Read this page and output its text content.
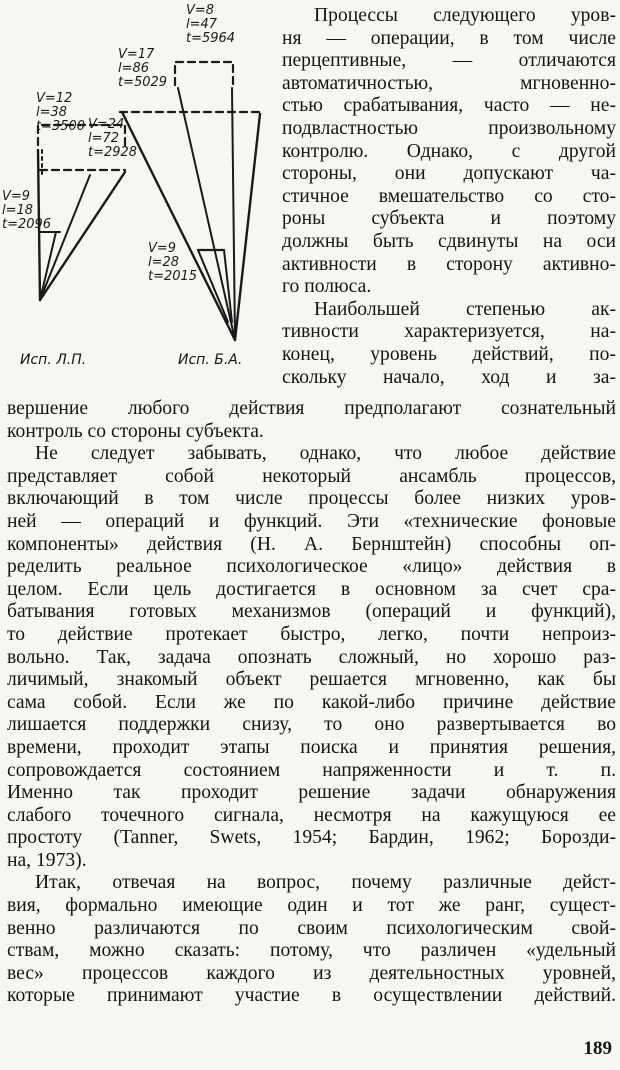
V=12
l=38
t=3500 V=24
l=72
t=2928
V=9
l=18
t=2096
V=8
l=47
t=5964
V=17
l=86
t=5029
V=9
l=28
t=2015
Исп. Л.П.	Исп. Б.А.
Процессы следующего уров-
ня — операции, в том числе
перцептивные, — отличаются
автоматичностью, мгновенно-
стью срабатывания, часто — не-
подвластностью произвольному
контролю. Однако, с другой
стороны, они допускают ча-
стичное вмешательство со сто-
роны субъекта и поэтому
должны быть сдвинуты на оси
активности в сторону активно-
го полюса.
Наибольшей степенью ак-
тивности характеризуется, на-
конец, уровень действий, по-
скольку начало, ход и за-
вершение любого действия предполагают сознательный
контроль со стороны субъекта.
Не следует забывать, однако, что любое действие
представляет собой некоторый ансамбль процессов,
включающий в том числе процессы более низких уров-
ней — операций и функций. Эти «технические фоновые
компоненты» действия (Н. А. Бернштейн) способны оп-
ределить реальное психологическое «лицо» действия в
целом. Если цель достигается в основном за счет сра-
батывания готовых механизмов (операций и функций),
то действие протекает быстро, легко, почти непроиз-
вольно. Так, задача опознать сложный, но хорошо раз-
личимый, знакомый объект решается мгновенно, как бы
сама собой. Если же по какой-либо причине действие
лишается поддержки снизу, то оно развертывается во
времени, проходит этапы поиска и принятия решения,
сопровождается состоянием напряженности и т. п.
Именно так проходит решение задачи обнаружения
слабого точечного сигнала, несмотря на кажущуюся ее
простоту (Tanner, Swets, 1954; Бардин, 1962; Борозди-
на, 1973).
Итак, отвечая на вопрос, почему различные дейст-
вия, формально имеющие один и тот же ранг, сущест-
венно различаются по своим психологическим свой-
ствам, можно сказать: потому, что различен «удельный
вес» процессов каждого из деятельностных уровней,
которые принимают участие в осуществлении действий.
189
